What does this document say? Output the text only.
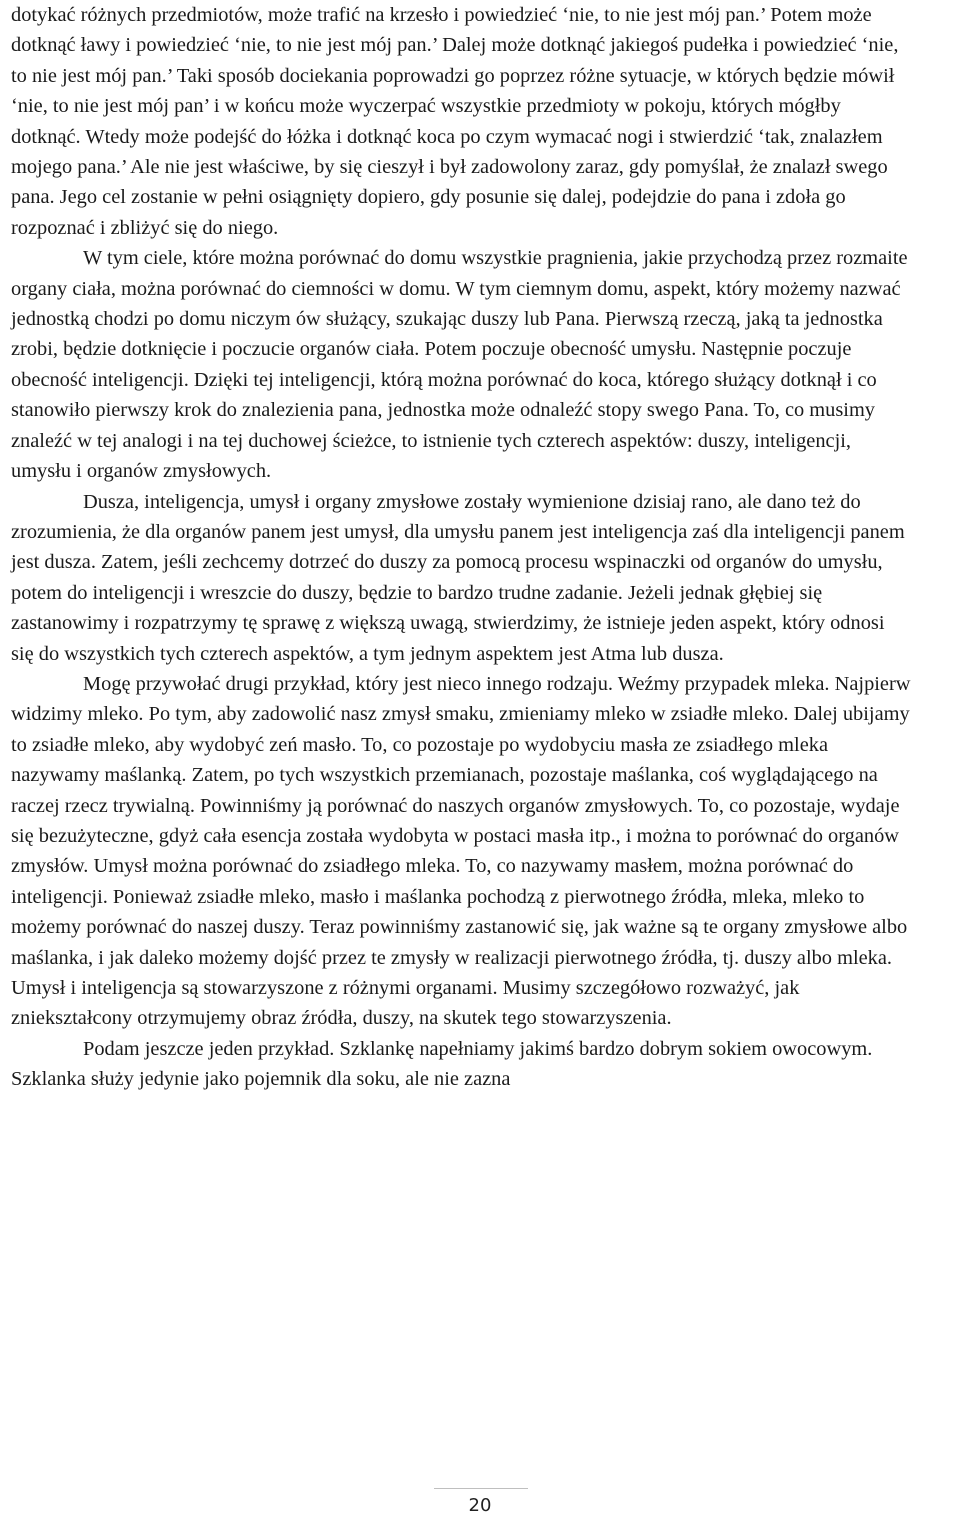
dotykać różnych przedmiotów, może trafić na krzesło i powiedzieć ‘nie, to nie jest mój pan.’ Potem może dotknąć ławy i powiedzieć ‘nie, to nie jest mój pan.’ Dalej może dotknąć jakiegoś pudełka i powiedzieć ‘nie, to nie jest mój pan.’ Taki sposób dociekania poprowadzi go poprzez różne sytuacje, w których będzie mówił ‘nie, to nie jest mój pan’ i w końcu może wyczerpać wszystkie przedmioty w pokoju, których mógłby dotknąć. Wtedy może podejść do łóżka i dotknąć koca po czym wymacać nogi i stwierdzić ‘tak, znalazłem mojego pana.’ Ale nie jest właściwe, by się cieszył i był zadowolony zaraz, gdy pomyślał, że znalazł swego pana. Jego cel zostanie w pełni osiągnięty dopiero, gdy posunie się dalej, podejdzie do pana i zdoła go rozpoznać i zbliżyć się do niego.

W tym ciele, które można porównać do domu wszystkie pragnienia, jakie przychodzą przez rozmaite organy ciała, można porównać do ciemności w domu. W tym ciemnym domu, aspekt, który możemy nazwać jednostką chodzi po domu niczym ów służący, szukając duszy lub Pana. Pierwszą rzeczą, jaką ta jednostka zrobi, będzie dotknięcie i poczucie organów ciała. Potem poczuje obecność umysłu. Następnie poczuje obecność inteligencji. Dzięki tej inteligencji, którą można porównać do koca, którego służący dotknął i co stanowiło pierwszy krok do znalezienia pana, jednostka może odnaleźć stopy swego Pana. To, co musimy znaleźć w tej analogi i na tej duchowej ścieżce, to istnienie tych czterech aspektów: duszy, inteligencji, umysłu i organów zmysłowych.

Dusza, inteligencja, umysł i organy zmysłowe zostały wymienione dzisiaj rano, ale dano też do zrozumienia, że dla organów panem jest umysł, dla umysłu panem jest inteligencja zaś dla inteligencji panem jest dusza. Zatem, jeśli zechcemy dotrzeć do duszy za pomocą procesu wspinaczki od organów do umysłu, potem do inteligencji i wreszcie do duszy, będzie to bardzo trudne zadanie. Jeżeli jednak głębiej się zastanowimy i rozpatrzymy tę sprawę z większą uwagą, stwierdzimy, że istnieje jeden aspekt, który odnosi się do wszystkich tych czterech aspektów, a tym jednym aspektem jest Atma lub dusza.

Mogę przywołać drugi przykład, który jest nieco innego rodzaju. Weźmy przypadek mleka. Najpierw widzimy mleko. Po tym, aby zadowolić nasz zmysł smaku, zmieniamy mleko w zsiadłe mleko. Dalej ubijamy to zsiadłe mleko, aby wydobyć zeń masło. To, co pozostaje po wydobyciu masła ze zsiadłego mleka nazywamy maślanką. Zatem, po tych wszystkich przemianach, pozostaje maślanka, coś wyglądającego na raczej rzecz trywialną. Powinniśmy ją porównać do naszych organów zmysłowych. To, co pozostaje, wydaje się bezużyteczne, gdyż cała esencja została wydobyta w postaci masła itp., i można to porównać do organów zmysłów. Umysł można porównać do zsiadłego mleka. To, co nazywamy masłem, można porównać do inteligencji. Ponieważ zsiadłe mleko, masło i maślanka pochodzą z pierwotnego źródła, mleka, mleko to możemy porównać do naszej duszy. Teraz powinniśmy zastanowić się, jak ważne są te organy zmysłowe albo maślanka, i jak daleko możemy dojść przez te zmysły w realizacji pierwotnego źródła, tj. duszy albo mleka. Umysł i inteligencja są stowarzyszone z różnymi organami. Musimy szczegółowo rozważyć, jak zniekształcony otrzymujemy obraz źródła, duszy, na skutek tego stowarzyszenia.

Podam jeszcze jeden przykład. Szklankę napełniamy jakimś bardzo dobrym sokiem owocowym. Szklanka służy jedynie jako pojemnik dla soku, ale nie zazna

20
